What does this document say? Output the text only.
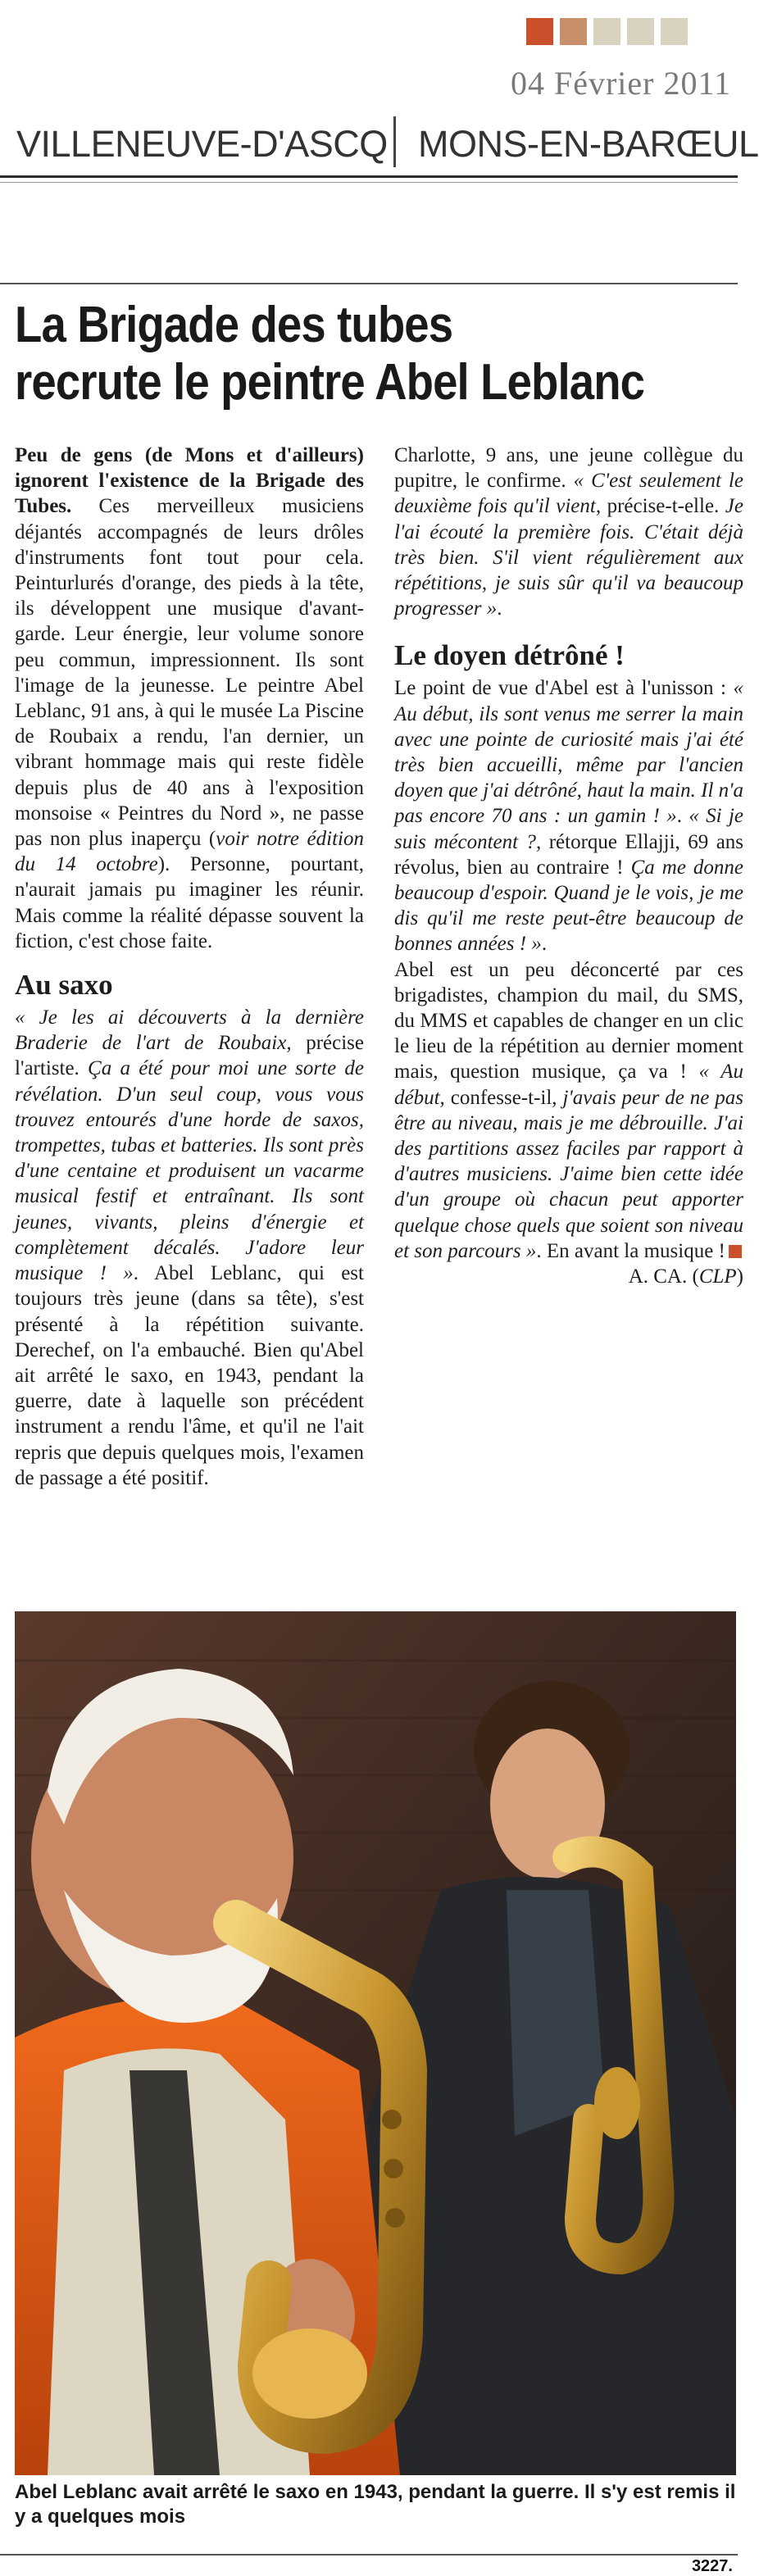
04 Février 2011
VILLENEUVE-D'ASCQ MONS-EN-BARŒUL
La Brigade des tubes
recrute le peintre Abel Leblanc

Peu de gens (de Mons et d'ailleurs) ignorent l'existence de la Brigade des Tubes. Ces merveilleux musiciens déjantés accompagnés de leurs drôles d'instruments font tout pour cela. Peinturlurés d'orange, des pieds à la tête, ils développent une musique d'avant-garde. Leur énergie, leur volume sonore peu commun, impressionnent. Ils sont l'image de la jeunesse. Le peintre Abel Leblanc, 91 ans, à qui le musée La Piscine de Roubaix a rendu, l'an dernier, un vibrant hommage mais qui reste fidèle depuis plus de 40 ans à l'exposition monsoise « Peintres du Nord », ne passe pas non plus inaperçu (voir notre édition du 14 octobre). Personne, pourtant, n'aurait jamais pu imaginer les réunir. Mais comme la réalité dépasse souvent la fiction, c'est chose faite.

Au saxo

« Je les ai découverts à la dernière Braderie de l'art de Roubaix, précise l'artiste. Ça a été pour moi une sorte de révélation. D'un seul coup, vous vous trouvez entourés d'une horde de saxos, trompettes, tubas et batteries. Ils sont près d'une centaine et produisent un vacarme musical festif et entraînant. Ils sont jeunes, vivants, pleins d'énergie et complètement décalés. J'adore leur musique ! ». Abel Leblanc, qui est toujours très jeune (dans sa tête), s'est présenté à la répétition suivante. Derechef, on l'a embauché. Bien qu'Abel ait arrêté le saxo, en 1943, pendant la guerre, date à laquelle son précédent instrument a rendu l'âme, et qu'il ne l'ait repris que depuis quelques mois, l'examen de passage a été positif.

Charlotte, 9 ans, une jeune collègue du pupitre, le confirme. « C'est seulement le deuxième fois qu'il vient, précise-t-elle. Je l'ai écouté la première fois. C'était déjà très bien. S'il vient régulièrement aux répétitions, je suis sûr qu'il va beaucoup progresser ».

Le doyen détrôné !

Le point de vue d'Abel est à l'unisson : « Au début, ils sont venus me serrer la main avec une pointe de curiosité mais j'ai été très bien accueilli, même par l'ancien doyen que j'ai détrôné, haut la main. Il n'a pas encore 70 ans : un gamin ! ». « Si je suis mécontent ?, rétorque Ellajji, 69 ans révolus, bien au contraire ! Ça me donne beaucoup d'espoir. Quand je le vois, je me dis qu'il me reste peut-être beaucoup de bonnes années ! ».

Abel est un peu déconcerté par ces brigadistes, champion du mail, du SMS, du MMS et capables de changer en un clic le lieu de la répétition au dernier moment mais, question musique, ça va ! « Au début, confesse-t-il, j'avais peur de ne pas être au niveau, mais je me débrouille. J'ai des partitions assez faciles par rapport à d'autres musiciens. J'aime bien cette idée d'un groupe où chacun peut apporter quelque chose quels que soient son niveau et son parcours ». En avant la musique !

A. CA. (CLP)

Abel Leblanc avait arrêté le saxo en 1943, pendant la guerre. Il s'y est remis il y a quelques mois
3227.
